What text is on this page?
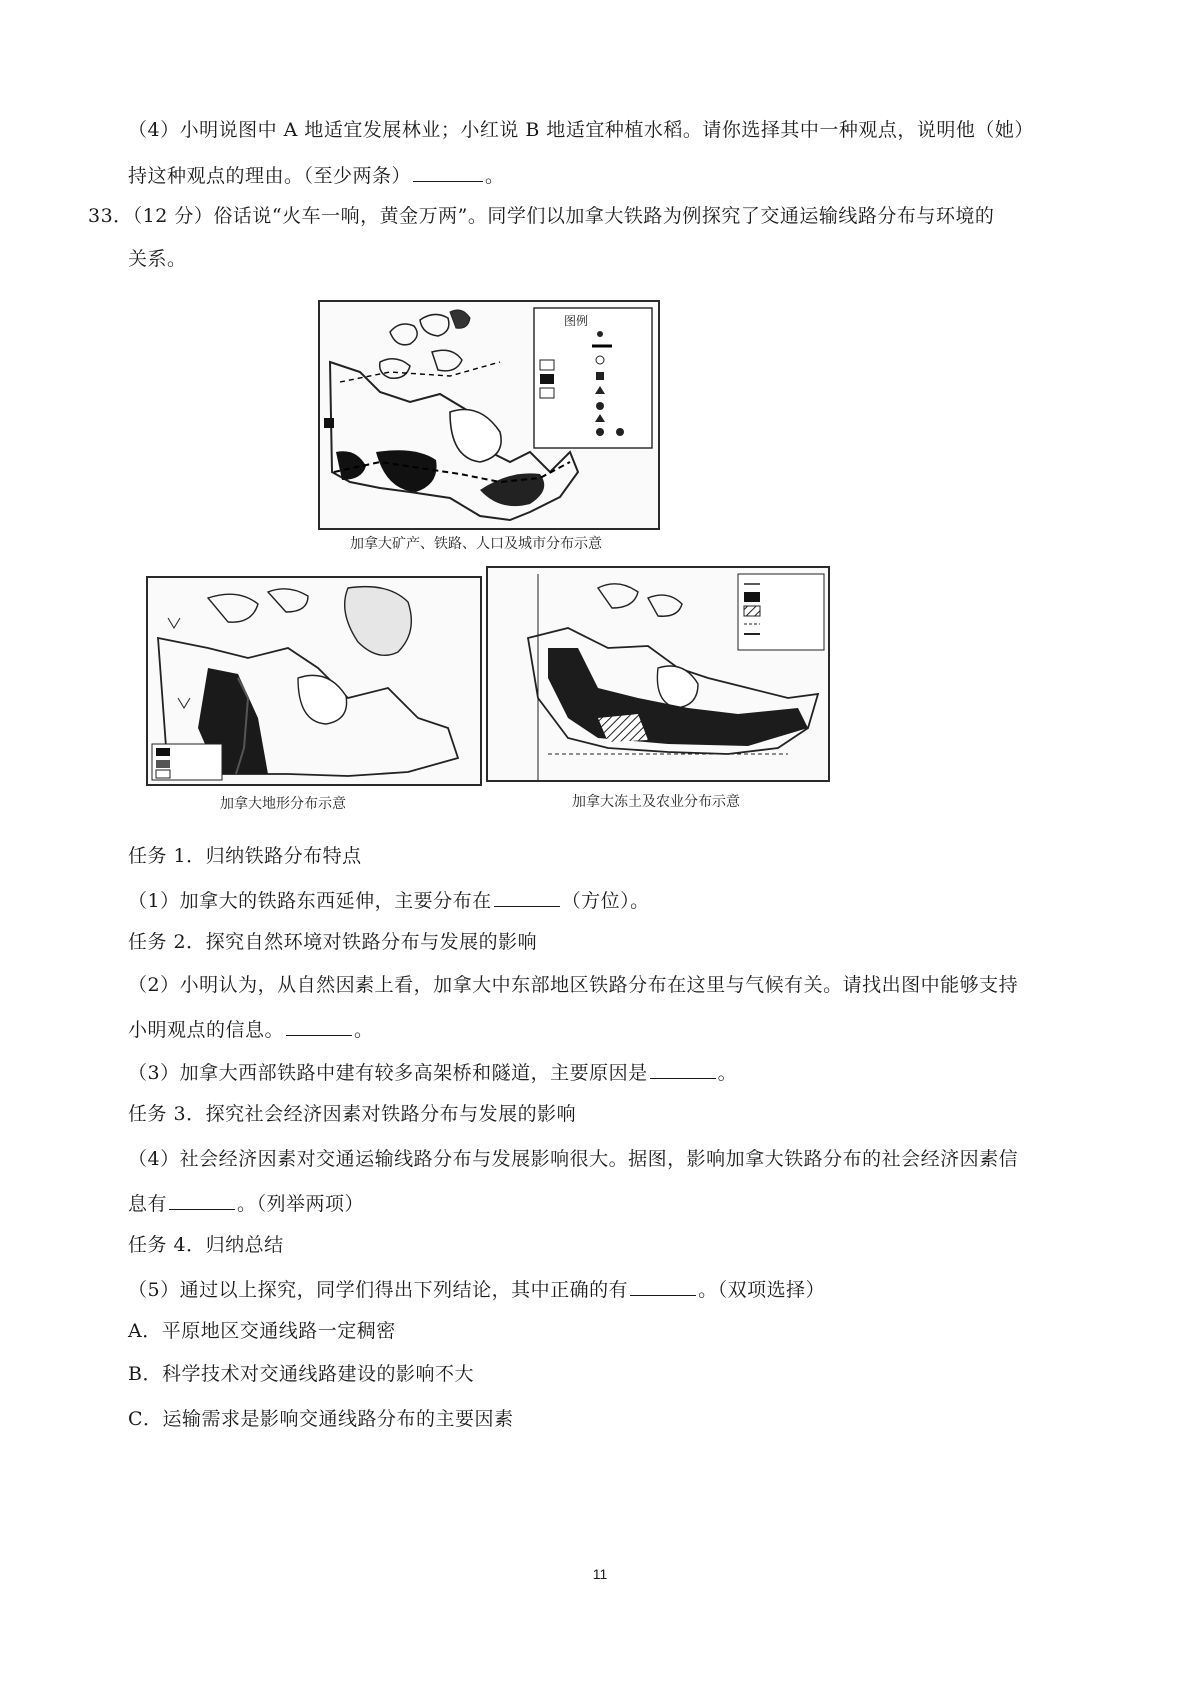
（4）小明说图中 A 地适宜发展林业；小红说 B 地适宜种植水稻。请你选择其中一种观点，说明他（她）
持这种观点的理由。（至少两条）	。
33．（12 分）俗话说“火车一响，黄金万两”。同学们以加拿大铁路为例探究了交通运输线路分布与环境的
关系。
图例
加拿大矿产、铁路、人口及城市分布示意
加拿大地形分布示意	加拿大冻土及农业分布示意
任务 1．归纳铁路分布特点
（1）加拿大的铁路东西延伸，主要分布在	（方位）。
任务 2．探究自然环境对铁路分布与发展的影响
（2）小明认为，从自然因素上看，加拿大中东部地区铁路分布在这里与气候有关。请找出图中能够支持
小明观点的信息。	。
（3）加拿大西部铁路中建有较多高架桥和隧道，主要原因是	。
任务 3．探究社会经济因素对铁路分布与发展的影响
（4）社会经济因素对交通运输线路分布与发展影响很大。据图，影响加拿大铁路分布的社会经济因素信
息有	。（列举两项）
任务 4．归纳总结
（5）通过以上探究，同学们得出下列结论，其中正确的有	。（双项选择）
A．平原地区交通线路一定稠密
B．科学技术对交通线路建设的影响不大
C．运输需求是影响交通线路分布的主要因素
11
